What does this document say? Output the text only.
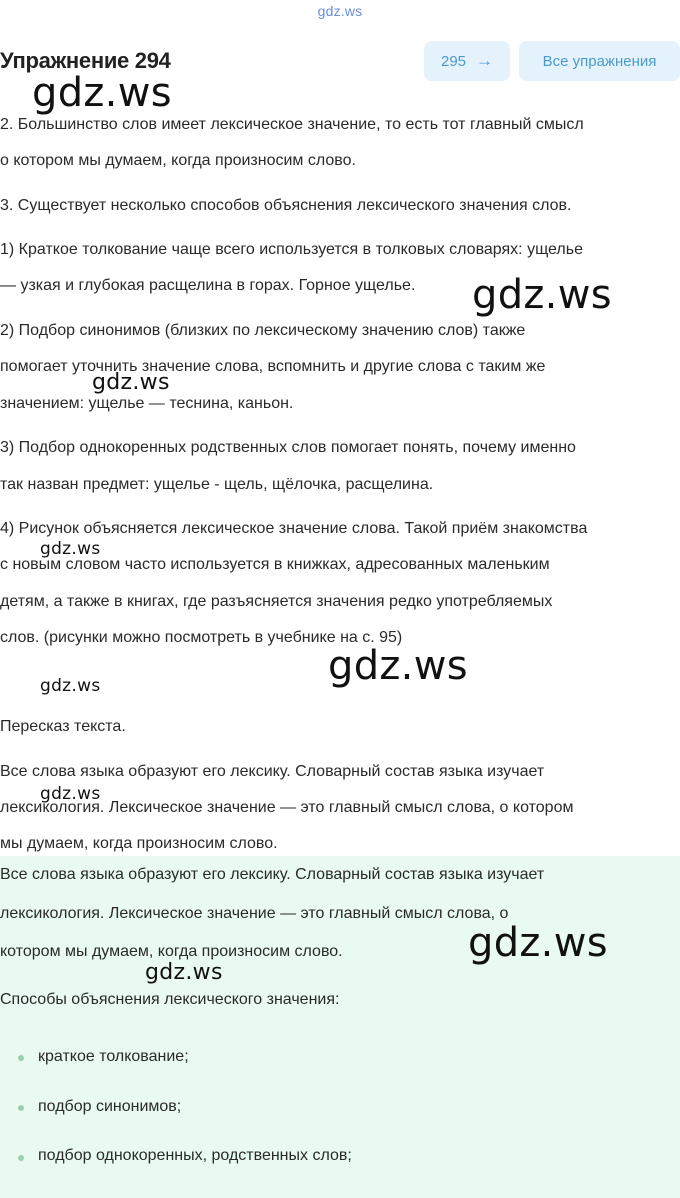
gdz.ws
Упражнение 294	295 →	Все упражнения

2. Большинство слов имеет лексическое значение, то есть тот главный смысл

о котором мы думаем, когда произносим слово.

3. Существует несколько способов объяснения лексического значения слов.

1) Краткое толкование чаще всего используется в толковых словарях: ущелье

— узкая и глубокая расщелина в горах. Горное ущелье.

2) Подбор синонимов (близких по лексическому значению слов) также

помогает уточнить значение слова, вспомнить и другие слова с таким же

значением: ущелье — теснина, каньон.

3) Подбор однокоренных родственных слов помогает понять, почему именно

так назван предмет: ущелье - щель, щёлочка, расщелина.

4) Рисунок объясняется лексическое значение слова. Такой приём знакомства

с новым словом часто используется в книжках, адресованных маленьким

детям, а также в книгах, где разъясняется значения редко употребляемых

слов. (рисунки можно посмотреть в учебнике на с. 95)

Пересказ текста.

Все слова языка образуют его лексику. Словарный состав языка изучает

лексикология. Лексическое значение — это главный смысл слова, о котором

мы думаем, когда произносим слово.

Все слова языка образуют его лексику. Словарный состав языка изучает

лексикология. Лексическое значение — это главный смысл слова, о

котором мы думаем, когда произносим слово.

Способы объяснения лексического значения:

краткое толкование;
подбор синонимов;
подбор однокоренных, родственных слов;
gdz.ws
gdz.ws
gdz.ws
gdz.ws
gdz.ws
gdz.ws
gdz.ws
gdz.ws
gdz.ws
